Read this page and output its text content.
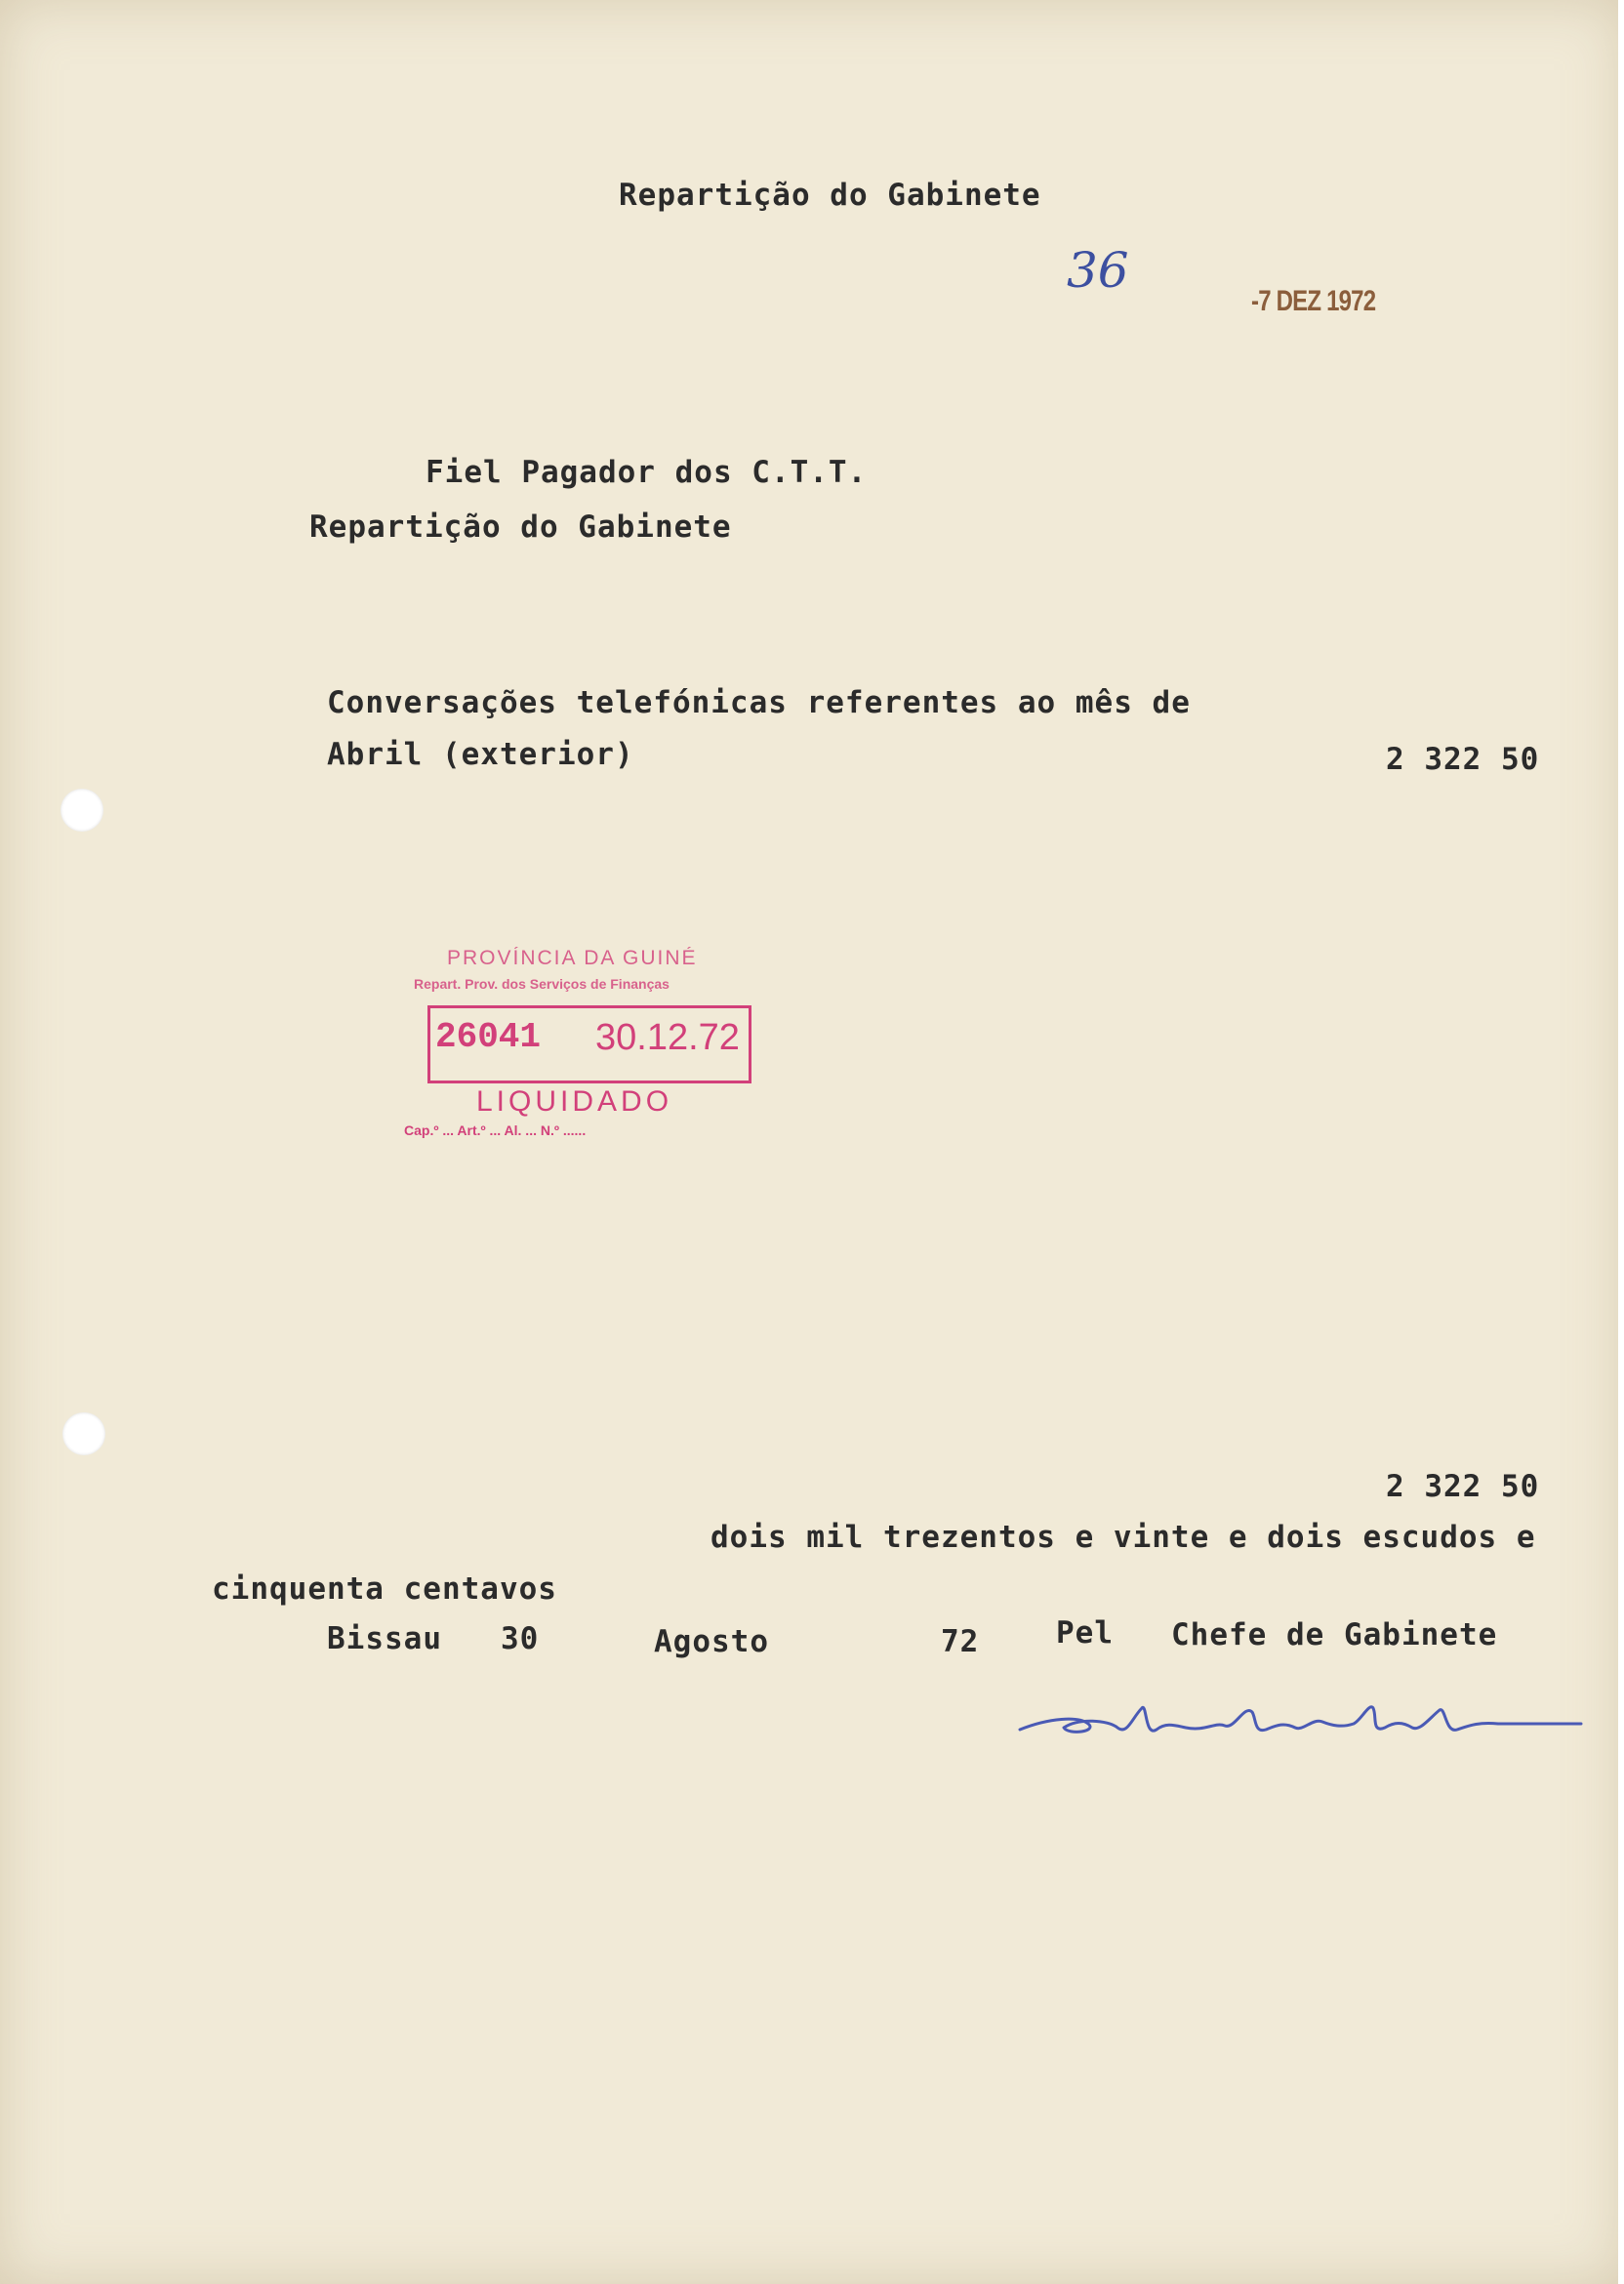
Repartição do Gabinete
36
-7 DEZ 1972
Fiel Pagador dos C.T.T.
Repartição do Gabinete
Conversações telefónicas referentes ao mês de
Abril (exterior)	2 322 50
PROVÍNCIA DA GUINÉ
Repart. Prov. dos Serviços de Finanças
26041 30.12.72
LIQUIDADO
Cap.º ... Art.º ... Al. ... N.º ......
2 322 50
dois mil trezentos e vinte e dois escudos e
cinquenta centavos
Bissau 30	Agosto	72	Pel Chefe de Gabinete
